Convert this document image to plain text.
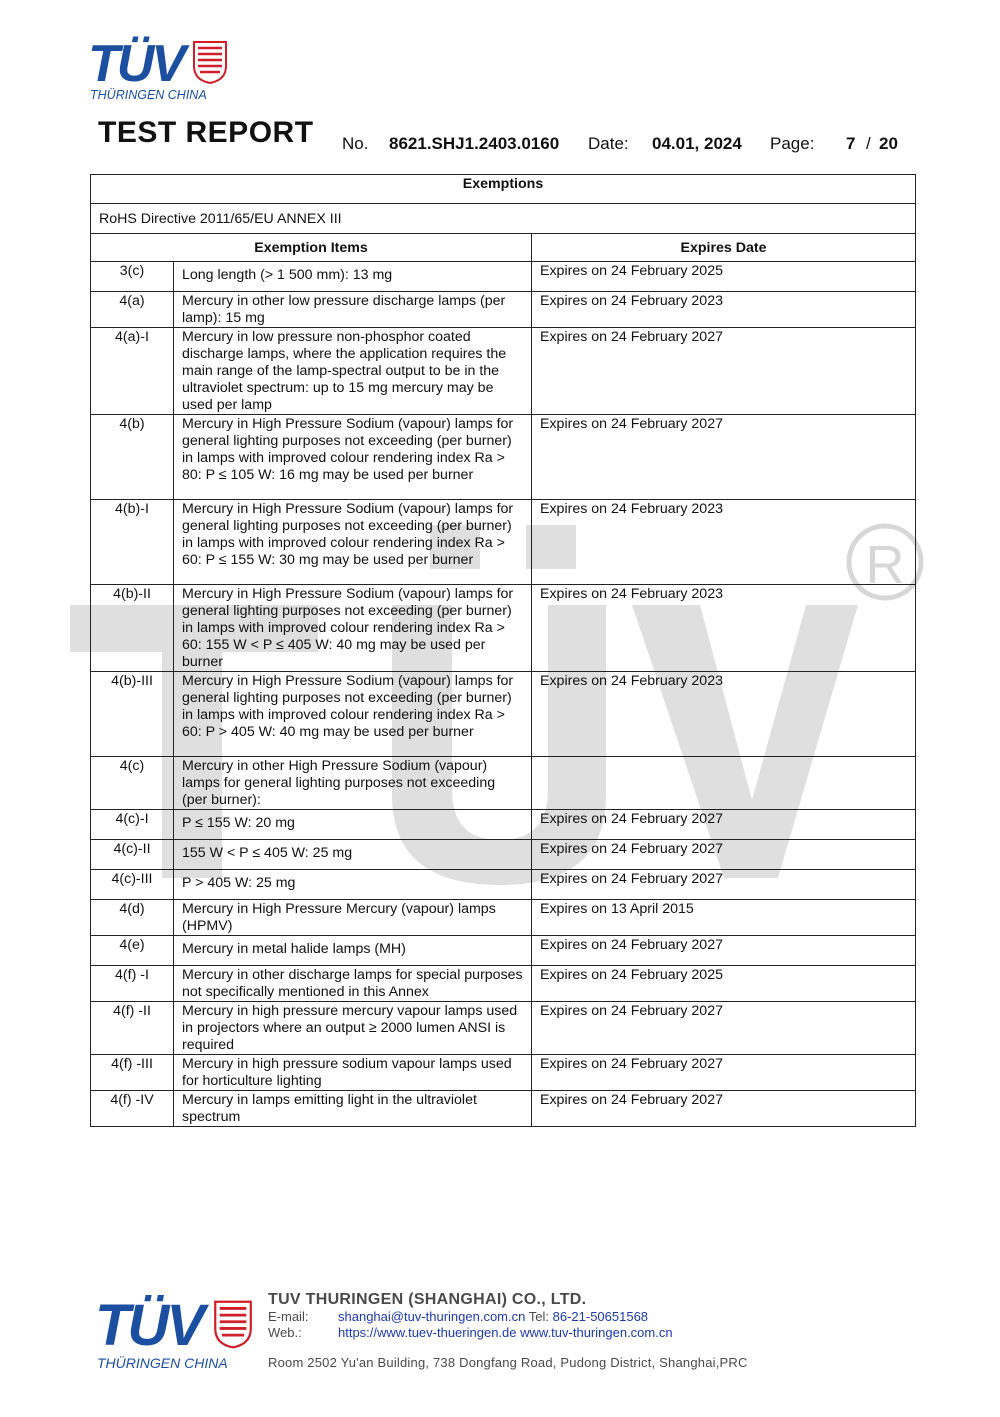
R
TÜV
THÜRINGEN CHINA
TEST REPORT No. 8621.SHJ1.2403.0160 Date: 04.01, 2024 Page: 7 / 20
Exemptions		
RoHS Directive 2011/65/EU ANNEX III		
Exemption Items		Expires Date
3(c)	Long length (> 1 500 mm): 13 mg	Expires on 24 February 2025
4(a)	Mercury in other low pressure discharge lamps (per lamp): 15 mg	Expires on 24 February 2023
4(a)-I	Mercury in low pressure non-phosphor coated discharge lamps, where the application requires the main range of the lamp-spectral output to be in the ultraviolet spectrum: up to 15 mg mercury may be used per lamp	Expires on 24 February 2027
4(b)	Mercury in High Pressure Sodium (vapour) lamps for general lighting purposes not exceeding (per burner) in lamps with improved colour rendering index Ra > 80: P ≤ 105 W: 16 mg may be used per burner	Expires on 24 February 2027
4(b)-I	Mercury in High Pressure Sodium (vapour) lamps for general lighting purposes not exceeding (per burner) in lamps with improved colour rendering index Ra > 60: P ≤ 155 W: 30 mg may be used per burner	Expires on 24 February 2023
4(b)-II	Mercury in High Pressure Sodium (vapour) lamps for general lighting purposes not exceeding (per burner) in lamps with improved colour rendering index Ra > 60: 155 W < P ≤ 405 W: 40 mg may be used per burner	Expires on 24 February 2023
4(b)-III	Mercury in High Pressure Sodium (vapour) lamps for general lighting purposes not exceeding (per burner) in lamps with improved colour rendering index Ra > 60: P > 405 W: 40 mg may be used per burner	Expires on 24 February 2023
4(c)	Mercury in other High Pressure Sodium (vapour) lamps for general lighting purposes not exceeding (per burner):	
4(c)-I	P ≤ 155 W: 20 mg	Expires on 24 February 2027
4(c)-II	155 W < P ≤ 405 W: 25 mg	Expires on 24 February 2027
4(c)-III	P > 405 W: 25 mg	Expires on 24 February 2027
4(d)	Mercury in High Pressure Mercury (vapour) lamps (HPMV)	Expires on 13 April 2015
4(e)	Mercury in metal halide lamps (MH)	Expires on 24 February 2027
4(f) -I	Mercury in other discharge lamps for special purposes not specifically mentioned in this Annex	Expires on 24 February 2025
4(f) -II	Mercury in high pressure mercury vapour lamps used in projectors where an output ≥ 2000 lumen ANSI is required	Expires on 24 February 2027
4(f) -III	Mercury in high pressure sodium vapour lamps used for horticulture lighting	Expires on 24 February 2027
4(f) -IV	Mercury in lamps emitting light in the ultraviolet spectrum	Expires on 24 February 2027
TÜV
THÜRINGEN CHINA
TUV THURINGEN (SHANGHAI) CO., LTD.
E-mail: shanghai@tuv-thuringen.com.cn Tel: 86-21-50651568
Web.:	https://www.tuev-thueringen.de www.tuv-thuringen.com.cn
Room 2502 Yu'an Building, 738 Dongfang Road, Pudong District, Shanghai,PRC
